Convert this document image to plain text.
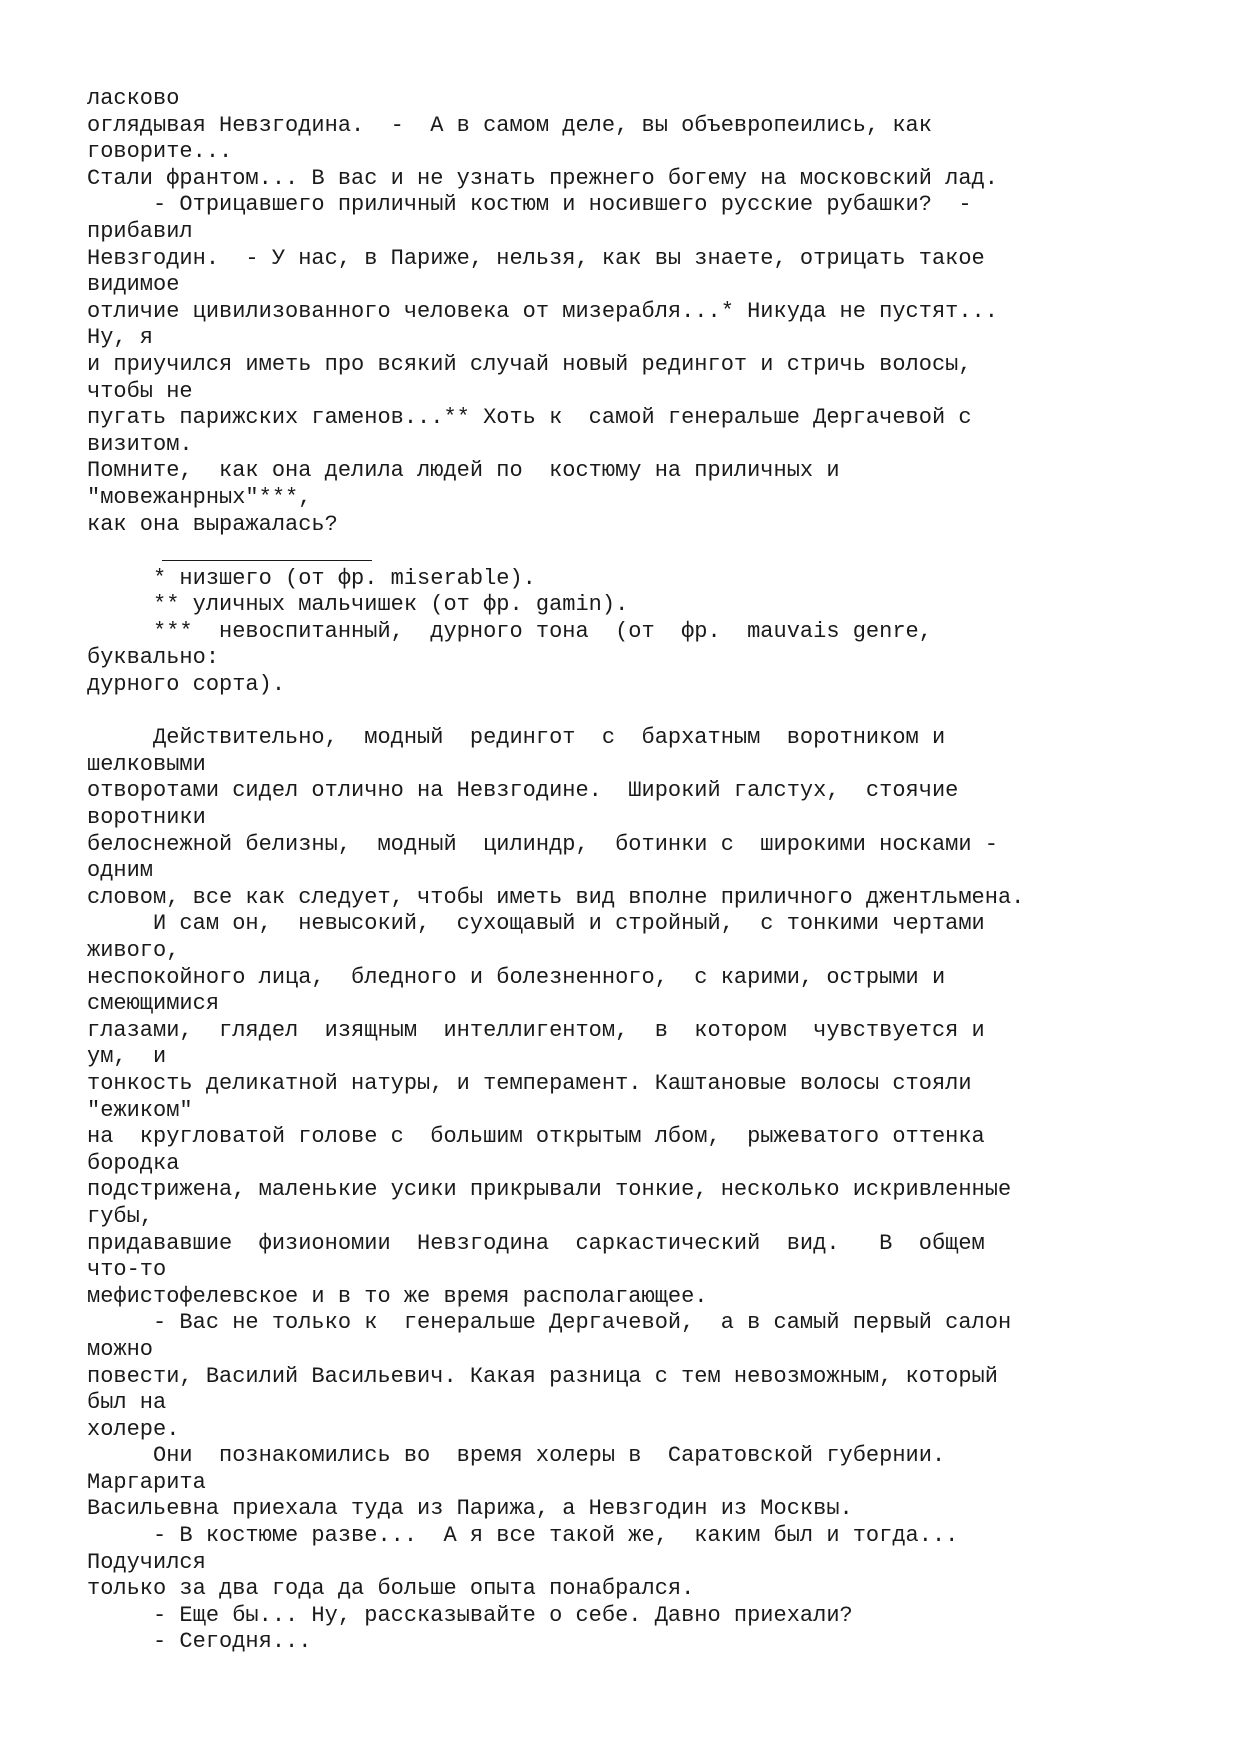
ласково
оглядывая Невзгодина.  -  А в самом деле, вы объевропеились, как
говорите...
Стали франтом... В вас и не узнать прежнего богему на московский лад.
- Отрицавшего приличный костюм и носившего русские рубашки?  -
прибавил
Невзгодин.  - У нас, в Париже, нельзя, как вы знаете, отрицать такое
видимое
отличие цивилизованного человека от мизерабля...* Никуда не пустят...
Ну, я
и приучился иметь про всякий случай новый редингот и стричь волосы,
чтобы не
пугать парижских гаменов...** Хоть к  самой генеральше Дергачевой с
визитом.
Помните,  как она делила людей по  костюму на приличных и
"мовежанрных"***,
как она выражалась?
* низшего (от фр. miserable).
** уличных мальчишек (от фр. gamin).
***  невоспитанный,  дурного тона  (от  фр.  mauvais genre,
буквально:
дурного сорта).
Действительно,  модный  редингот  с  бархатным  воротником и
шелковыми
отворотами сидел отлично на Невзгодине.  Широкий галстух,  стоячие
воротники
белоснежной белизны,  модный  цилиндр,  ботинки с  широкими носками -
одним
словом, все как следует, чтобы иметь вид вполне приличного джентльмена.
И сам он,  невысокий,  сухощавый и стройный,  с тонкими чертами
живого,
неспокойного лица,  бледного и болезненного,  с карими, острыми и
смеющимися
глазами,  глядел  изящным  интеллигентом,  в  котором  чувствуется и
ум,  и
тонкость деликатной натуры, и темперамент. Каштановые волосы стояли
"ежиком"
на  кругловатой голове с  большим открытым лбом,  рыжеватого оттенка
бородка
подстрижена, маленькие усики прикрывали тонкие, несколько искривленные
губы,
придававшие  физиономии  Невзгодина  саркастический  вид.   В  общем
что-то
мефистофелевское и в то же время располагающее.
- Вас не только к  генеральше Дергачевой,  а в самый первый салон
можно
повести, Василий Васильевич. Какая разница с тем невозможным, который
был на
холере.
Они  познакомились во  время холеры в  Саратовской губернии.
Маргарита
Васильевна приехала туда из Парижа, а Невзгодин из Москвы.
- В костюме разве...  А я все такой же,  каким был и тогда...
Подучился
только за два года да больше опыта понабрался.
- Еще бы... Ну, рассказывайте о себе. Давно приехали?
- Сегодня...
